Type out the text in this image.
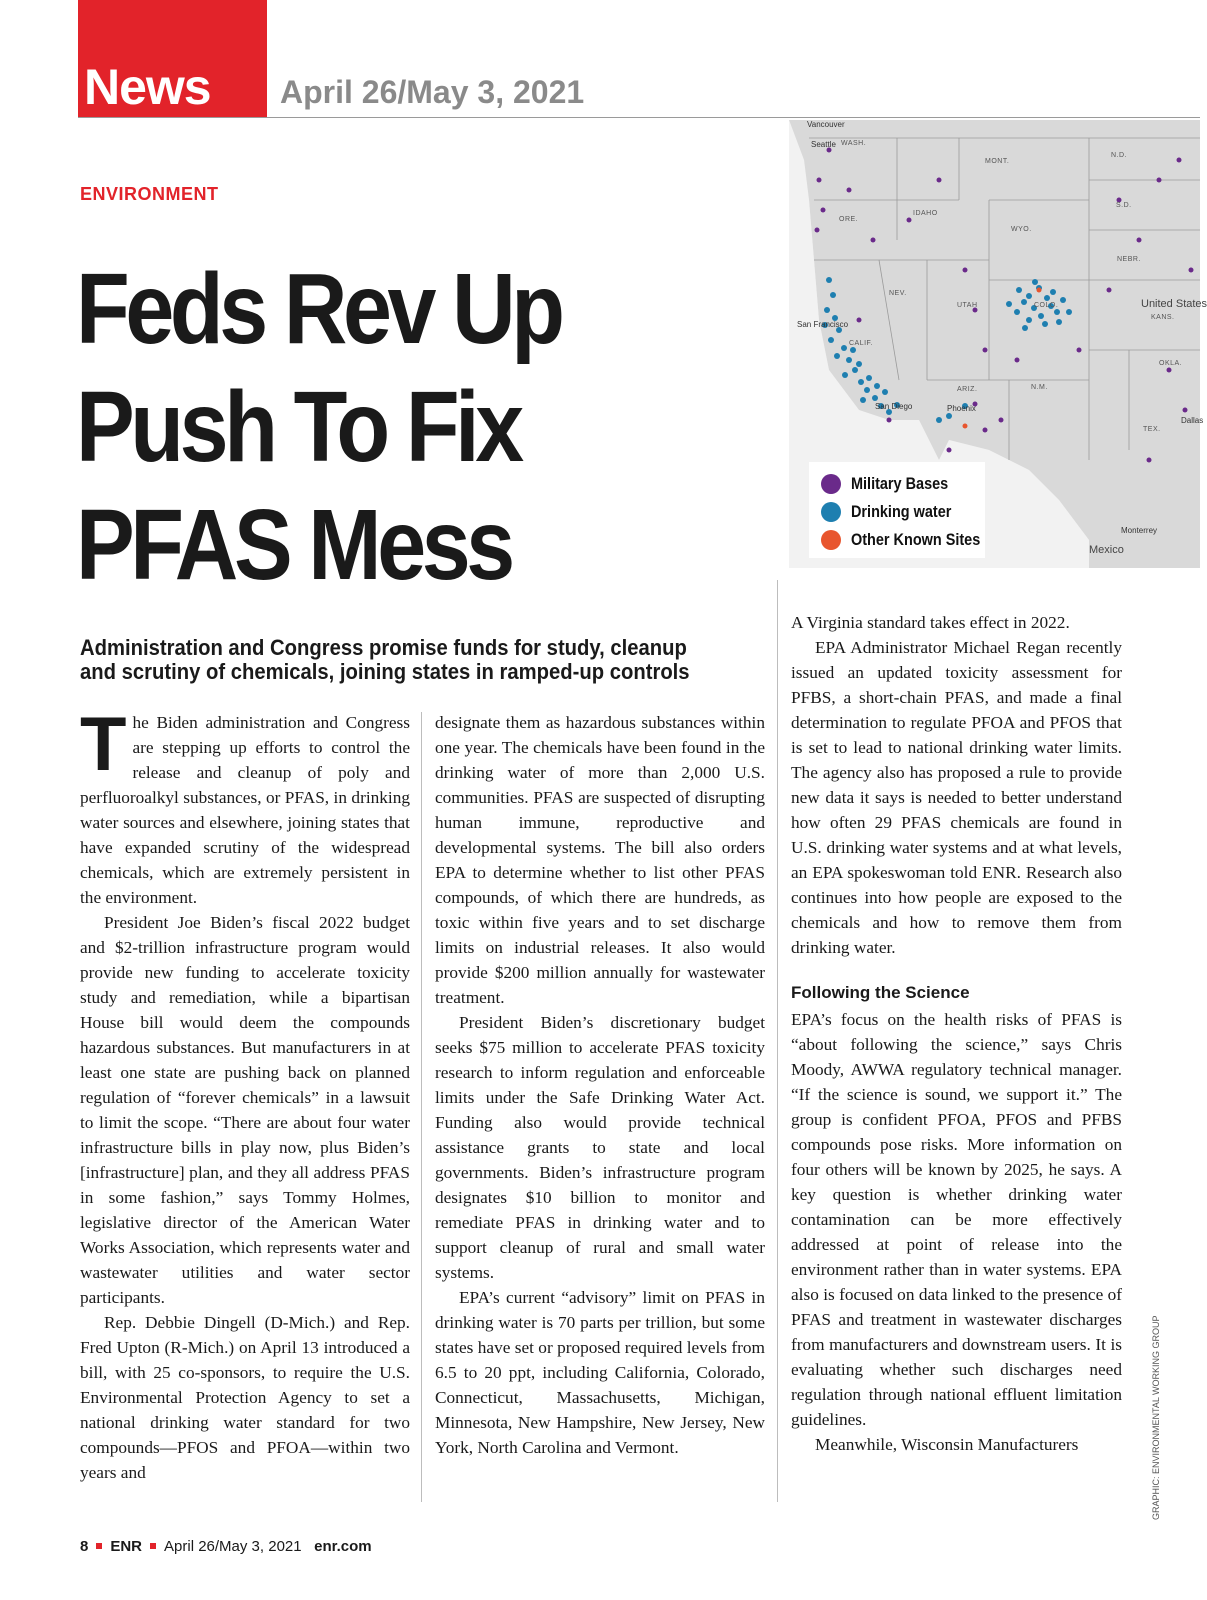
News April 26/May 3, 2021
ENVIRONMENT
Feds Rev Up
Push To Fix
PFAS Mess
Administration and Congress promise funds for study, cleanup
and scrutiny of chemicals, joining states in ramped-up controls
Vancouver
Seattle WASH.
MONT.
N.D.
S.D.
ORE.
IDAHO
WYO.
NEBR.
NEV.
UTAH	COLO.	United States
KANS.
San Francisco
CALIF.
OKLA.
ARIZ.	N.M.
San Diego	Phoenix
TEX.
Dallas
Monterrey
Mexico
Military Bases
Drinking water
Other Known Sites

The Biden administration and Congress are stepping up efforts to control the release and cleanup of poly and perfluoroalkyl substances, or PFAS, in drinking water sources and elsewhere, joining states that have expanded scrutiny of the widespread chemicals, which are extremely persistent in the environment.

President Joe Biden’s fiscal 2022 budget and $2-trillion infrastructure program would provide new funding to accelerate toxicity study and remediation, while a bipartisan House bill would deem the compounds hazardous substances. But manufacturers in at least one state are pushing back on planned regulation of “forever chemicals” in a lawsuit to limit the scope. “There are about four water infrastructure bills in play now, plus Biden’s [infrastructure] plan, and they all address PFAS in some fashion,” says Tommy Holmes, legislative director of the American Water Works Association, which represents water and wastewater utilities and water sector participants.

Rep. Debbie Dingell (D-Mich.) and Rep. Fred Upton (R-Mich.) on April 13 introduced a bill, with 25 co-sponsors, to require the U.S. Environmental Protection Agency to set a national drinking water standard for two compounds—PFOS and PFOA—within two years and

designate them as hazardous substances within one year. The chemicals have been found in the drinking water of more than 2,000 U.S. communities. PFAS are suspected of disrupting human immune, reproductive and developmental systems. The bill also orders EPA to determine whether to list other PFAS compounds, of which there are hundreds, as toxic within five years and to set discharge limits on industrial releases. It also would provide $200 million annually for wastewater treatment.

President Biden’s discretionary budget seeks $75 million to accelerate PFAS toxicity research to inform regulation and enforceable limits under the Safe Drinking Water Act. Funding also would provide technical assistance grants to state and local governments. Biden’s infrastructure program designates $10 billion to monitor and remediate PFAS in drinking water and to support cleanup of rural and small water systems.

EPA’s current “advisory” limit on PFAS in drinking water is 70 parts per trillion, but some states have set or proposed required levels from 6.5 to 20 ppt, including California, Colorado, Connecticut, Massachusetts, Michigan, Minnesota, New Hampshire, New Jersey, New York, North Carolina and Vermont.

A Virginia standard takes effect in 2022.

EPA Administrator Michael Regan recently issued an updated toxicity assessment for PFBS, a short-chain PFAS, and made a final determination to regulate PFOA and PFOS that is set to lead to national drinking water limits. The agency also has proposed a rule to provide new data it says is needed to better understand how often 29 PFAS chemicals are found in U.S. drinking water systems and at what levels, an EPA spokeswoman told ENR. Research also continues into how people are exposed to the chemicals and how to remove them from drinking water.

Following the Science

EPA’s focus on the health risks of PFAS is “about following the science,” says Chris Moody, AWWA regulatory technical manager. “If the science is sound, we support it.” The group is confident PFOA, PFOS and PFBS compounds pose risks. More information on four others will be known by 2025, he says. A key question is whether drinking water contamination can be more effectively addressed at point of release into the environment rather than in water systems. EPA also is focused on data linked to the presence of PFAS and treatment in wastewater discharges from manufacturers and downstream users. It is evaluating whether such discharges need regulation through national effluent limitation guidelines.

Meanwhile, Wisconsin Manufacturers	GRAPHIC: ENVIRONMENTAL WORKING GROUP
8 ENR April 26/May 3, 2021 enr.com
